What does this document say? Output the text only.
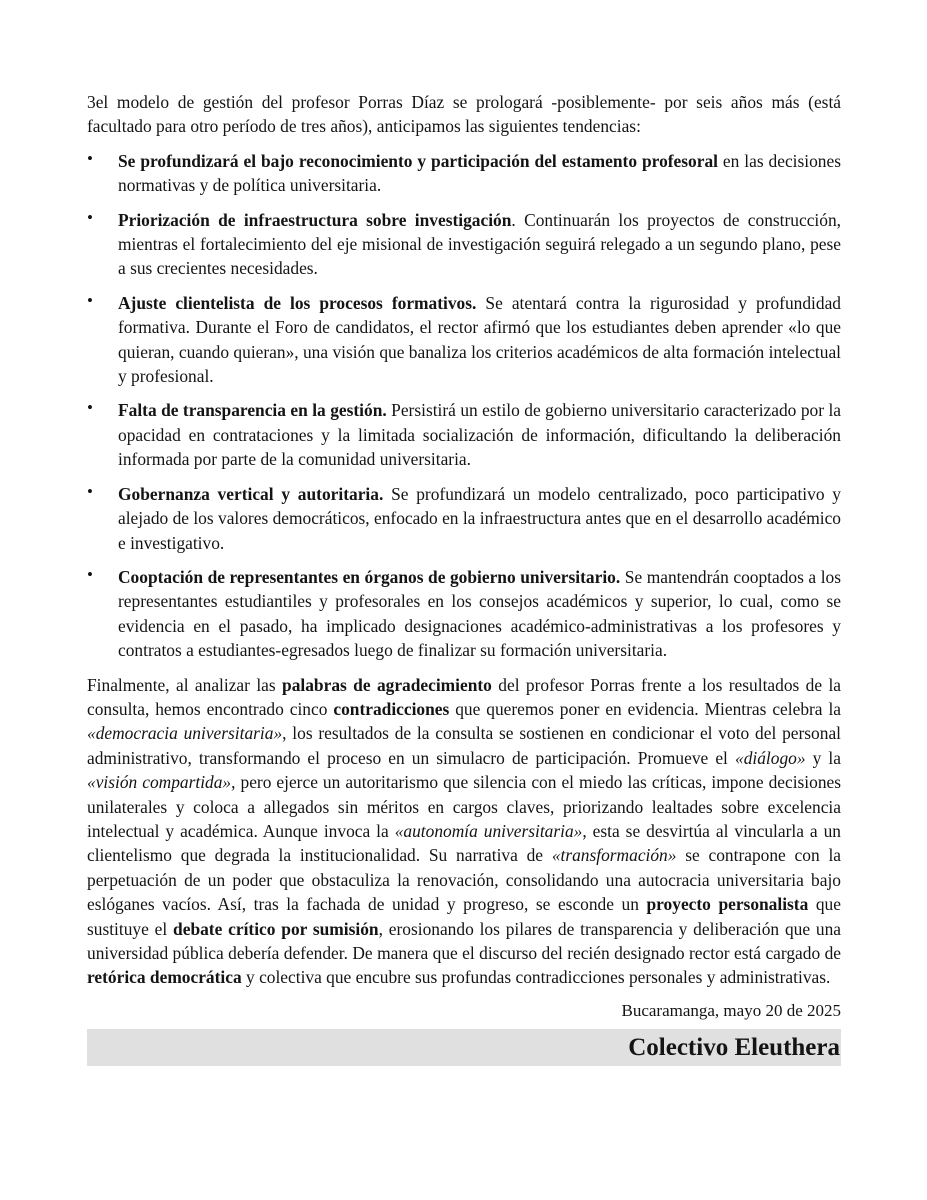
3el modelo de gestión del profesor Porras Díaz se prologará -posiblemente- por seis años más (está facultado para otro período de tres años), anticipamos las siguientes tendencias:

• Se profundizará el bajo reconocimiento y participación del estamento profesoral en las decisiones normativas y de política universitaria.
• Priorización de infraestructura sobre investigación. Continuarán los proyectos de construcción, mientras el fortalecimiento del eje misional de investigación seguirá relegado a un segundo plano, pese a sus crecientes necesidades.
• Ajuste clientelista de los procesos formativos. Se atentará contra la rigurosidad y profundidad formativa. Durante el Foro de candidatos, el rector afirmó que los estudiantes deben aprender «lo que quieran, cuando quieran», una visión que banaliza los criterios académicos de alta formación intelectual y profesional.
• Falta de transparencia en la gestión. Persistirá un estilo de gobierno universitario caracterizado por la opacidad en contrataciones y la limitada socialización de información, dificultando la deliberación informada por parte de la comunidad universitaria.
• Gobernanza vertical y autoritaria. Se profundizará un modelo centralizado, poco participativo y alejado de los valores democráticos, enfocado en la infraestructura antes que en el desarrollo académico e investigativo.
• Cooptación de representantes en órganos de gobierno universitario. Se mantendrán cooptados a los representantes estudiantiles y profesorales en los consejos académicos y superior, lo cual, como se evidencia en el pasado, ha implicado designaciones académico-administrativas a los profesores y contratos a estudiantes-egresados luego de finalizar su formación universitaria.

Finalmente, al analizar las palabras de agradecimiento del profesor Porras frente a los resultados de la consulta, hemos encontrado cinco contradicciones que queremos poner en evidencia. Mientras celebra la «democracia universitaria», los resultados de la consulta se sostienen en condicionar el voto del personal administrativo, transformando el proceso en un simulacro de participación. Promueve el «diálogo» y la «visión compartida», pero ejerce un autoritarismo que silencia con el miedo las críticas, impone decisiones unilaterales y coloca a allegados sin méritos en cargos claves, priorizando lealtades sobre excelencia intelectual y académica. Aunque invoca la «autonomía universitaria», esta se desvirtúa al vincularla a un clientelismo que degrada la institucionalidad. Su narrativa de «transformación» se contrapone con la perpetuación de un poder que obstaculiza la renovación, consolidando una autocracia universitaria bajo eslóganes vacíos. Así, tras la fachada de unidad y progreso, se esconde un proyecto personalista que sustituye el debate crítico por sumisión, erosionando los pilares de transparencia y deliberación que una universidad pública debería defender. De manera que el discurso del recién designado rector está cargado de retórica democrática y colectiva que encubre sus profundas contradicciones personales y administrativas.

Bucaramanga, mayo 20 de 2025
Colectivo Eleuthera
